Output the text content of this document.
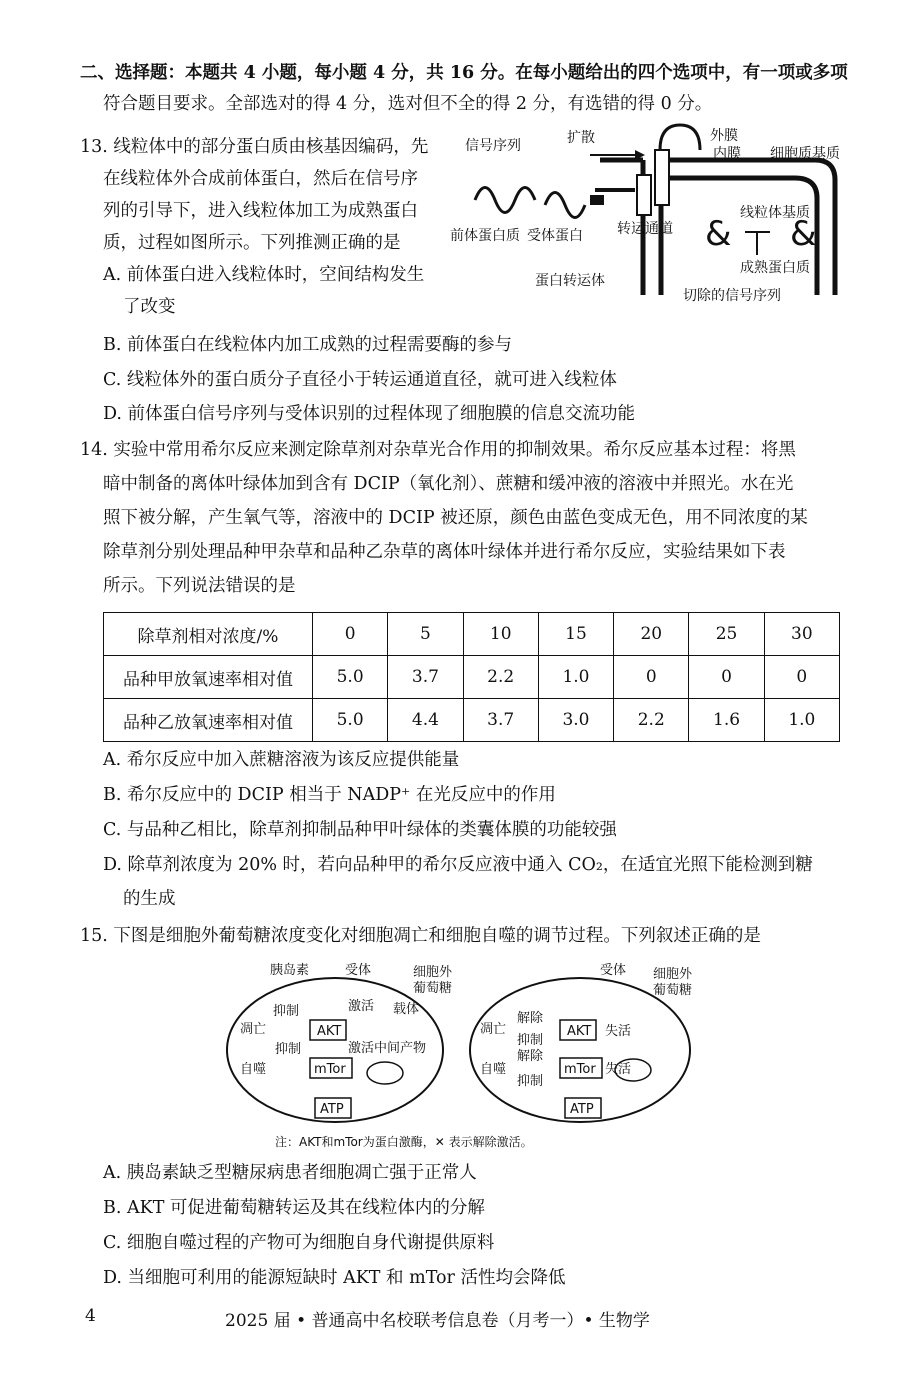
二、选择题：本题共 4 小题，每小题 4 分，共 16 分。在每小题给出的四个选项中，有一项或多项
符合题目要求。全部选对的得 4 分，选对但不全的得 2 分，有选错的得 0 分。
13. 线粒体中的部分蛋白质由核基因编码，先
在线粒体外合成前体蛋白，然后在信号序
列的引导下，进入线粒体加工为成熟蛋白
质，过程如图所示。下列推测正确的是
A. 前体蛋白进入线粒体时，空间结构发生
了改变
B. 前体蛋白在线粒体内加工成熟的过程需要酶的参与
C. 线粒体外的蛋白质分子直径小于转运通道直径，就可进入线粒体
D. 前体蛋白信号序列与受体识别的过程体现了细胞膜的信息交流功能
& &
信号序列	扩散	外膜
内膜 细胞质基质
线粒体基质
前体蛋白质 受体蛋白 转运通道
成熟蛋白质
蛋白转运体
切除的信号序列
14. 实验中常用希尔反应来测定除草剂对杂草光合作用的抑制效果。希尔反应基本过程：将黑
暗中制备的离体叶绿体加到含有 DCIP（氧化剂）、蔗糖和缓冲液的溶液中并照光。水在光
照下被分解，产生氧气等，溶液中的 DCIP 被还原，颜色由蓝色变成无色，用不同浓度的某
除草剂分别处理品种甲杂草和品种乙杂草的离体叶绿体并进行希尔反应，实验结果如下表
所示。下列说法错误的是
除草剂相对浓度/%	0	5	10	15	20	25	30
品种甲放氧速率相对值	5.0	3.7	2.2	1.0	0	0	0
品种乙放氧速率相对值	5.0	4.4	3.7	3.0	2.2	1.6	1.0
A. 希尔反应中加入蔗糖溶液为该反应提供能量
B. 希尔反应中的 DCIP 相当于 NADP⁺ 在光反应中的作用
C. 与品种乙相比，除草剂抑制品种甲叶绿体的类囊体膜的功能较强
D. 除草剂浓度为 20% 时，若向品种甲的希尔反应液中通入 CO₂，在适宜光照下能检测到糖
的生成
15. 下图是细胞外葡萄糖浓度变化对细胞凋亡和细胞自噬的调节过程。下列叙述正确的是
胰岛素	受体	细胞外
葡萄糖
激活
抑制	载体
凋亡	AKT
激活中间产物
抑制
自噬	mTor
ATP
受体 细胞外
葡萄糖
解除
凋亡	AKT 失活
抑制
解除
自噬	mTor 失活
抑制
ATP
注：AKT和mTor为蛋白激酶，✕ 表示解除激活。
A. 胰岛素缺乏型糖尿病患者细胞凋亡强于正常人
B. AKT 可促进葡萄糖转运及其在线粒体内的分解
C. 细胞自噬过程的产物可为细胞自身代谢提供原料
D. 当细胞可利用的能源短缺时 AKT 和 mTor 活性均会降低
4	2025 届 • 普通高中名校联考信息卷（月考一）• 生物学
